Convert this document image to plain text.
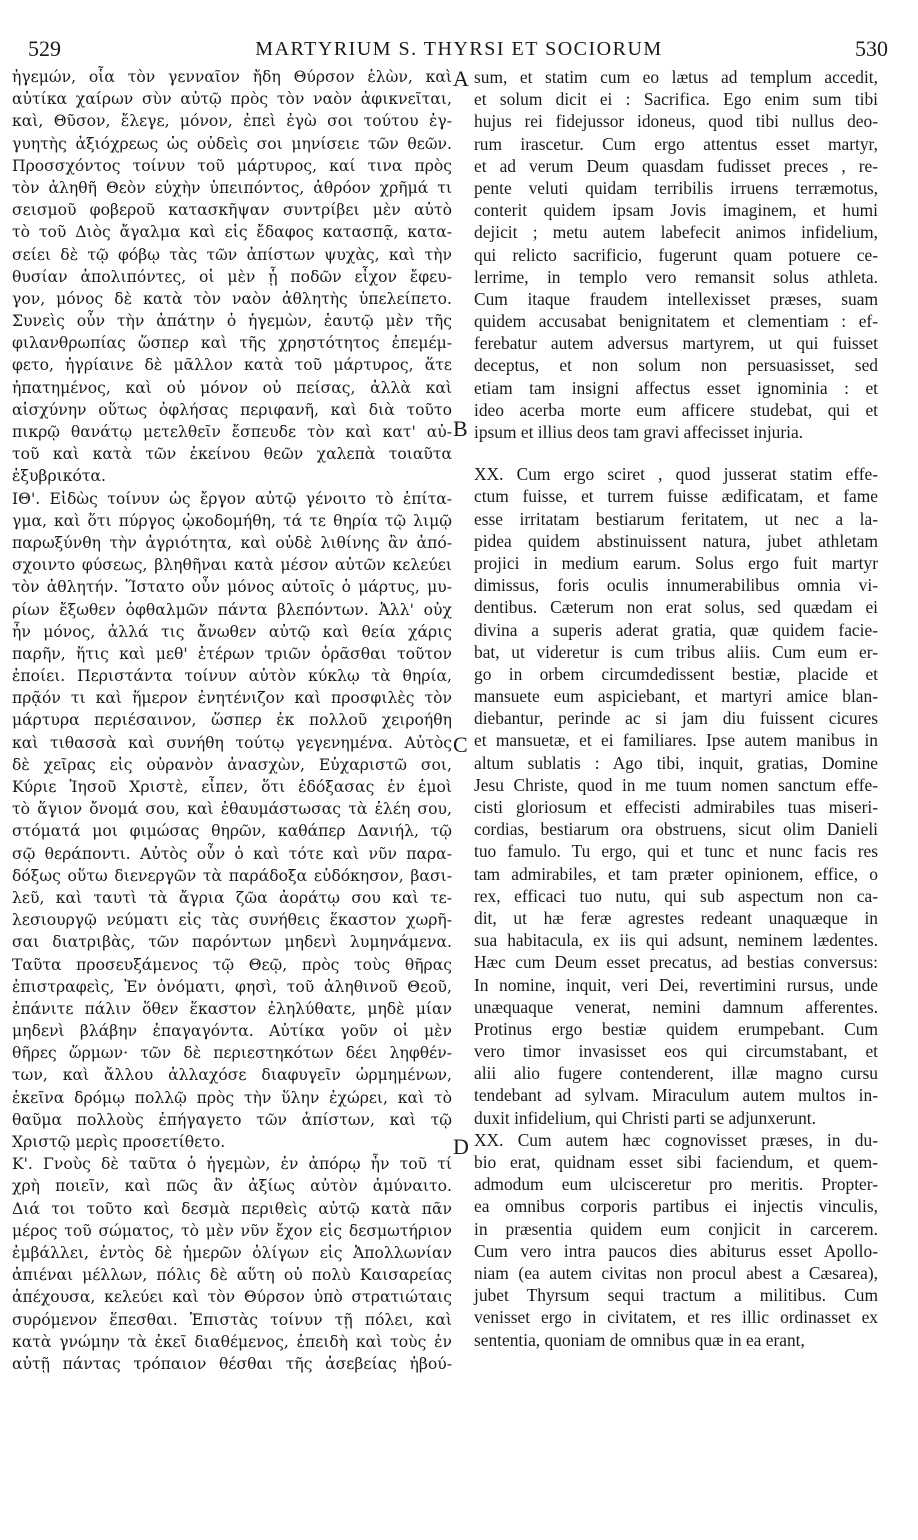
529	MARTYRIUM S. THYRSI ET SOCIORUM	530
ἡγεμών, οἷα τὸν γενναῖον ἤδη Θύρσον ἑλὼν, καὶ
αὐτίκα χαίρων σὺν αὐτῷ πρὸς τὸν ναὸν ἀφικνεῖται,
καὶ, Θῦσον, ἔλεγε, μόνον, ἐπεὶ ἐγὼ σοι τούτου ἐγ-
γυητὴς ἀξιόχρεως ὡς οὐδεὶς σοι μηνίσειε τῶν θεῶν.
Προσσχόντος τοίνυν τοῦ μάρτυρος, καί τινα πρὸς
τὸν ἀληθῆ Θεὸν εὐχὴν ὑπειπόντος, ἀθρόον χρῆμά τι
σεισμοῦ φοβεροῦ κατασκῆψαν συντρίβει μὲν αὐτὸ
τὸ τοῦ Διὸς ἄγαλμα καὶ εἰς ἔδαφος κατασπᾷ, κατα-
σείει δὲ τῷ φόβῳ τὰς τῶν ἀπίστων ψυχὰς, καὶ τὴν
θυσίαν ἀπολιπόντες, οἱ μὲν ᾗ ποδῶν εἶχον ἔφευ-
γον, μόνος δὲ κατὰ τὸν ναὸν ἀθλητὴς ὑπελείπετο.
Συνεὶς οὖν τὴν ἀπάτην ὁ ἡγεμὼν, ἑαυτῷ μὲν τῆς
φιλανθρωπίας ὥσπερ καὶ τῆς χρηστότητος ἐπεμέμ-
φετο, ἠγρίαινε δὲ μᾶλλον κατὰ τοῦ μάρτυρος, ἅτε
ἠπατημένος, καὶ οὐ μόνον οὐ πείσας, ἀλλὰ καὶ
αἰσχύνην οὕτως ὀφλήσας περιφανῆ, καὶ διὰ τοῦτο
πικρῷ θανάτῳ μετελθεῖν ἔσπευδε τὸν καὶ κατ' αὐ-
τοῦ καὶ κατὰ τῶν ἐκείνου θεῶν χαλεπὰ τοιαῦτα
ἐξυβρικότα.
ΙΘ'. Εἰδὼς τοίνυν ὡς ἔργον αὐτῷ γένοιτο τὸ ἐπίτα-
γμα, καὶ ὅτι πύργος ᾠκοδομήθη, τά τε θηρία τῷ λιμῷ
παρωξύνθη τὴν ἀγριότητα, καὶ οὐδὲ λιθίνης ἂν ἀπό-
σχοιντο φύσεως, βληθῆναι κατὰ μέσον αὐτῶν κελεύει
τὸν ἀθλητήν. Ἵστατο οὖν μόνος αὐτοῖς ὁ μάρτυς, μυ-
ρίων ἔξωθεν ὀφθαλμῶν πάντα βλεπόντων. Ἀλλ' οὐχ
ἦν μόνος, ἀλλά τις ἄνωθεν αὐτῷ καὶ θεία χάρις
παρῆν, ἥτις καὶ μεθ' ἑτέρων τριῶν ὁρᾶσθαι τοῦτον
ἐποίει. Περιστάντα τοίνυν αὐτὸν κύκλῳ τὰ θηρία,
πρᾷόν τι καὶ ἥμερον ἐνητένιζον καὶ προσφιλὲς τὸν
μάρτυρα περιέσαινον, ὥσπερ ἐκ πολλοῦ χειροήθη
καὶ τιθασσὰ καὶ συνήθη τούτῳ γεγενημένα. Αὐτὸς
δὲ χεῖρας εἰς οὐρανὸν ἀνασχὼν, Εὐχαριστῶ σοι,
Κύριε Ἰησοῦ Χριστὲ, εἶπεν, ὅτι ἐδόξασας ἐν ἐμοὶ
τὸ ἅγιον ὄνομά σου, καὶ ἐθαυμάστωσας τὰ ἐλέη σου,
στόματά μοι φιμώσας θηρῶν, καθάπερ Δανιήλ, τῷ
σῷ θεράποντι. Αὐτὸς οὖν ὁ καὶ τότε καὶ νῦν παρα-
δόξως οὕτω διενεργῶν τὰ παράδοξα εὐδόκησον, βασι-
λεῦ, καὶ ταυτὶ τὰ ἄγρια ζῶα ἀοράτῳ σου καὶ τε-
λεσιουργῷ νεύματι εἰς τὰς συνήθεις ἕκαστον χωρῆ-
σαι διατριβὰς, τῶν παρόντων μηδενὶ λυμηνάμενα.
Ταῦτα προσευξάμενος τῷ Θεῷ, πρὸς τοὺς θῆρας
ἐπιστραφεὶς, Ἐν ὀνόματι, φησὶ, τοῦ ἀληθινοῦ Θεοῦ,
ἐπάνιτε πάλιν ὅθεν ἕκαστον ἐληλύθατε, μηδὲ μίαν
μηδενὶ βλάβην ἐπαγαγόντα. Αὐτίκα γοῦν οἱ μὲν
θῆρες ὥρμων· τῶν δὲ περιεστηκότων δέει ληφθέν-
των, καὶ ἄλλου ἀλλαχόσε διαφυγεῖν ὡρμημένων,
ἐκεῖνα δρόμῳ πολλῷ πρὸς τὴν ὕλην ἐχώρει, καὶ τὸ
θαῦμα πολλοὺς ἐπήγαγετο τῶν ἀπίστων, καὶ τῷ
Χριστῷ μερὶς προσετίθετο.
Κ'. Γνοὺς δὲ ταῦτα ὁ ἡγεμὼν, ἐν ἀπόρῳ ἦν τοῦ τί
χρὴ ποιεῖν, καὶ πῶς ἂν ἀξίως αὐτὸν ἀμύναιτο.
Διά τοι τοῦτο καὶ δεσμὰ περιθεὶς αὐτῷ κατὰ πᾶν
μέρος τοῦ σώματος, τὸ μὲν νῦν ἔχον εἰς δεσμωτήριον
ἐμβάλλει, ἐντὸς δὲ ἡμερῶν ὀλίγων εἰς Ἀπολλωνίαν
ἀπιέναι μέλλων, πόλις δὲ αὕτη οὐ πολὺ Καισαρείας
ἀπέχουσα, κελεύει καὶ τὸν Θύρσον ὑπὸ στρατιώταις
συρόμενον ἕπεσθαι. Ἐπιστὰς τοίνυν τῇ πόλει, καὶ
κατὰ γνώμην τὰ ἐκεῖ διαθέμενος, ἐπειδὴ καὶ τοὺς ἐν
αὐτῇ πάντας τρόπαιον θέσθαι τῆς ἀσεβείας ἠβού-
sum, et statim cum eo lætus ad templum accedit,
et solum dicit ei : Sacrifica. Ego enim sum tibi
hujus rei fidejussor idoneus, quod tibi nullus deo-
rum irascetur. Cum ergo attentus esset martyr,
et ad verum Deum quasdam fudisset preces , re-
pente veluti quidam terribilis irruens terræmotus,
conterit quidem ipsam Jovis imaginem, et humi
dejicit ; metu autem labefecit animos infidelium,
qui relicto sacrificio, fugerunt quam potuere ce-
lerrime, in templo vero remansit solus athleta.
Cum itaque fraudem intellexisset præses, suam
quidem accusabat benignitatem et clementiam : ef-
ferebatur autem adversus martyrem, ut qui fuisset
deceptus, et non solum non persuasisset, sed
etiam tam insigni affectus esset ignominia : et
ideo acerba morte eum afficere studebat, qui et
ipsum et illius deos tam gravi affecisset injuria.
XX. Cum ergo sciret , quod jusserat statim effe-
ctum fuisse, et turrem fuisse ædificatam, et fame
esse irritatam bestiarum feritatem, ut nec a la-
pidea quidem abstinuissent natura, jubet athletam
projici in medium earum. Solus ergo fuit martyr
dimissus, foris oculis innumerabilibus omnia vi-
dentibus. Cæterum non erat solus, sed quædam ei
divina a superis aderat gratia, quæ quidem facie-
bat, ut videretur is cum tribus aliis. Cum eum er-
go in orbem circumdedissent bestiæ, placide et
mansuete eum aspiciebant, et martyri amice blan-
diebantur, perinde ac si jam diu fuissent cicures
et mansuetæ, et ei familiares. Ipse autem manibus in
altum sublatis : Ago tibi, inquit, gratias, Domine
Jesu Christe, quod in me tuum nomen sanctum effe-
cisti gloriosum et effecisti admirabiles tuas miseri-
cordias, bestiarum ora obstruens, sicut olim Danieli
tuo famulo. Tu ergo, qui et tunc et nunc facis res
tam admirabiles, et tam præter opinionem, effice, o
rex, efficaci tuo nutu, qui sub aspectum non ca-
dit, ut hæ feræ agrestes redeant unaquæque in
sua habitacula, ex iis qui adsunt, neminem lædentes.
Hæc cum Deum esset precatus, ad bestias conversus:
In nomine, inquit, veri Dei, revertimini rursus, unde
unæquaque venerat, nemini damnum afferentes.
Protinus ergo bestiæ quidem erumpebant. Cum
vero timor invasisset eos qui circumstabant, et
alii alio fugere contenderent, illæ magno cursu
tendebant ad sylvam. Miraculum autem multos in-
duxit infidelium, qui Christi parti se adjunxerunt.
XX. Cum autem hæc cognovisset præses, in du-
bio erat, quidnam esset sibi faciendum, et quem-
admodum eum ulcisceretur pro meritis. Propter-
ea omnibus corporis partibus ei injectis vinculis,
in præsentia quidem eum conjicit in carcerem.
Cum vero intra paucos dies abiturus esset Apollo-
niam (ea autem civitas non procul abest a Cæsarea),
jubet Thyrsum sequi tractum a militibus. Cum
venisset ergo in civitatem, et res illic ordinasset ex
sententia, quoniam de omnibus quæ in ea erant,
A
B
C
D
